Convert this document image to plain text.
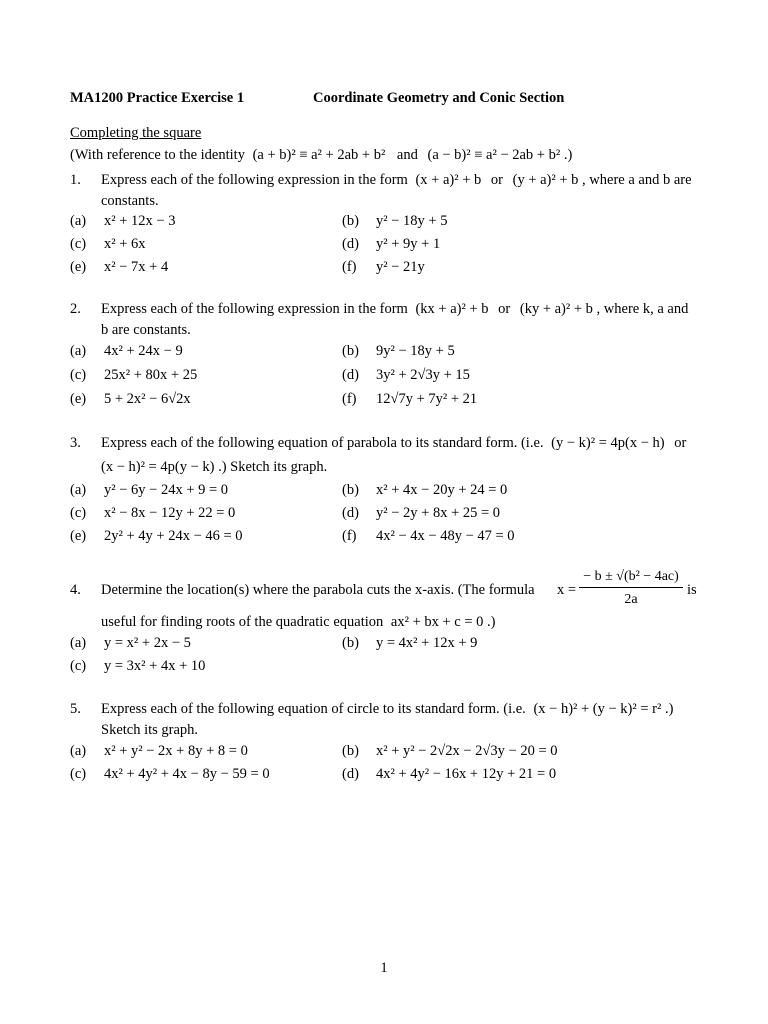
MA1200 Practice Exercise 1	Coordinate Geometry and Conic Section
Completing the square
(With reference to the identity (a + b)² ≡ a² + 2ab + b² and (a − b)² ≡ a² − 2ab + b² .)
1. Express each of the following expression in the form (x + a)² + b or (y + a)² + b , where a and b are
constants.
(a) x² + 12x − 3	(b) y² − 18y + 5
(c) x² + 6x	(d) y² + 9y + 1
(e) x² − 7x + 4	(f) y² − 21y
2. Express each of the following expression in the form (kx + a)² + b or (ky + a)² + b , where k, a and
b are constants.
(a) 4x² + 24x − 9	(b) 9y² − 18y + 5
(c) 25x² + 80x + 25	(d) 3y² + 2√3y + 15
(e) 5 + 2x² − 6√2x	(f) 12√7y + 7y² + 21
3. Express each of the following equation of parabola to its standard form. (i.e. (y − k)² = 4p(x − h) or
(x − h)² = 4p(y − k) .) Sketch its graph.
(a) y² − 6y − 24x + 9 = 0	(b) x² + 4x − 20y + 24 = 0
(c) x² − 8x − 12y + 22 = 0	(d) y² − 2y + 8x + 25 = 0
(e) 2y² + 4y + 24x − 46 = 0	(f) 4x² − 4x − 48y − 47 = 0
4. Determine the location(s) where the parabola cuts the x-axis. (The formula $x = \frac{\text{− b ± √(b² − 4ac)}}{2a}$ is
useful for finding roots of the quadratic equation ax² + bx + c = 0 .)
(a) y = x² + 2x − 5	(b) y = 4x² + 12x + 9
(c) y = 3x² + 4x + 10
5. Express each of the following equation of circle to its standard form. (i.e. (x − h)² + (y − k)² = r² .)
Sketch its graph.
(a) x² + y² − 2x + 8y + 8 = 0	(b) x² + y² − 2√2x − 2√3y − 20 = 0
(c) 4x² + 4y² + 4x − 8y − 59 = 0	(d) 4x² + 4y² − 16x + 12y + 21 = 0
1
